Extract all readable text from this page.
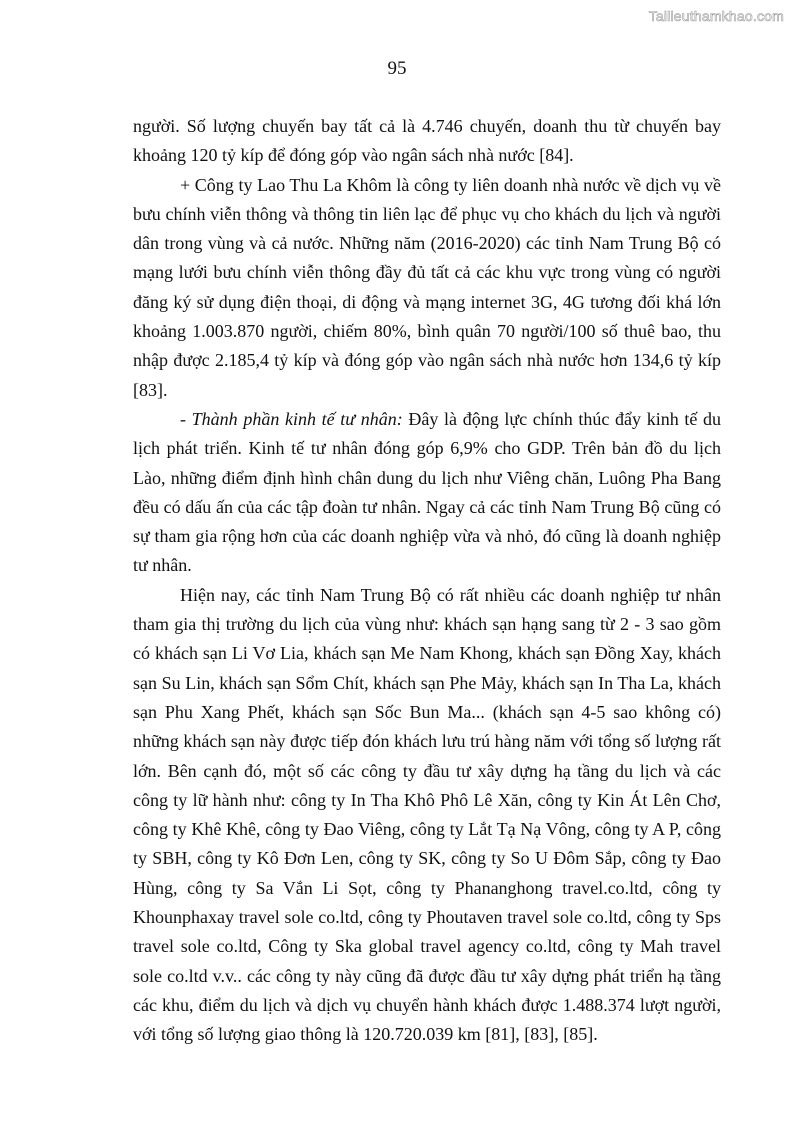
Tailieuthamkhao.com
95

người. Số lượng chuyến bay tất cả là 4.746 chuyến, doanh thu từ chuyến bay khoảng 120 tỷ kíp để đóng góp vào ngân sách nhà nước [84].

+ Công ty Lao Thu La Khôm là công ty liên doanh nhà nước về dịch vụ về bưu chính viễn thông và thông tin liên lạc để phục vụ cho khách du lịch và người dân trong vùng và cả nước. Những năm (2016-2020) các tỉnh Nam Trung Bộ có mạng lưới bưu chính viễn thông đầy đủ tất cả các khu vực trong vùng có người đăng ký sử dụng điện thoại, di động và mạng internet 3G, 4G tương đối khá lớn khoảng 1.003.870 người, chiếm 80%, bình quân 70 người/100 số thuê bao, thu nhập được 2.185,4 tỷ kíp và đóng góp vào ngân sách nhà nước hơn 134,6 tỷ kíp [83].

- Thành phần kinh tế tư nhân: Đây là động lực chính thúc đẩy kinh tế du lịch phát triển. Kinh tế tư nhân đóng góp 6,9% cho GDP. Trên bản đồ du lịch Lào, những điểm định hình chân dung du lịch như Viêng chăn, Luông Pha Bang đều có dấu ấn của các tập đoàn tư nhân. Ngay cả các tỉnh Nam Trung Bộ cũng có sự tham gia rộng hơn của các doanh nghiệp vừa và nhỏ, đó cũng là doanh nghiệp tư nhân.

Hiện nay, các tỉnh Nam Trung Bộ có rất nhiều các doanh nghiệp tư nhân tham gia thị trường du lịch của vùng như: khách sạn hạng sang từ 2 - 3 sao gồm có khách sạn Li Vơ Lia, khách sạn Me Nam Khong, khách sạn Đồng Xay, khách sạn Su Lin, khách sạn Sổm Chít, khách sạn Phe Mảy, khách sạn In Tha La, khách sạn Phu Xang Phết, khách sạn Sốc Bun Ma... (khách sạn 4-5 sao không có) những khách sạn này được tiếp đón khách lưu trú hàng năm với tổng số lượng rất lớn. Bên cạnh đó, một số các công ty đầu tư xây dựng hạ tầng du lịch và các công ty lữ hành như: công ty In Tha Khô Phô Lê Xăn, công ty Kin Át Lên Chơ, công ty Khê Khê, công ty Đao Viêng, công ty Lắt Tạ Nạ Vông, công ty A P, công ty SBH, công ty Kô Đơn Len, công ty SK, công ty So U Đôm Sắp, công ty Đao Hùng, công ty Sa Vắn Li Sọt, công ty Phananghong travel.co.ltd, công ty Khounphaxay travel sole co.ltd, công ty Phoutaven travel sole co.ltd, công ty Sps travel sole co.ltd, Công ty Ska global travel agency co.ltd, công ty Mah travel sole co.ltd v.v.. các công ty này cũng đã được đầu tư xây dựng phát triển hạ tầng các khu, điểm du lịch và dịch vụ chuyển hành khách được 1.488.374 lượt người, với tổng số lượng giao thông là 120.720.039 km [81], [83], [85].
